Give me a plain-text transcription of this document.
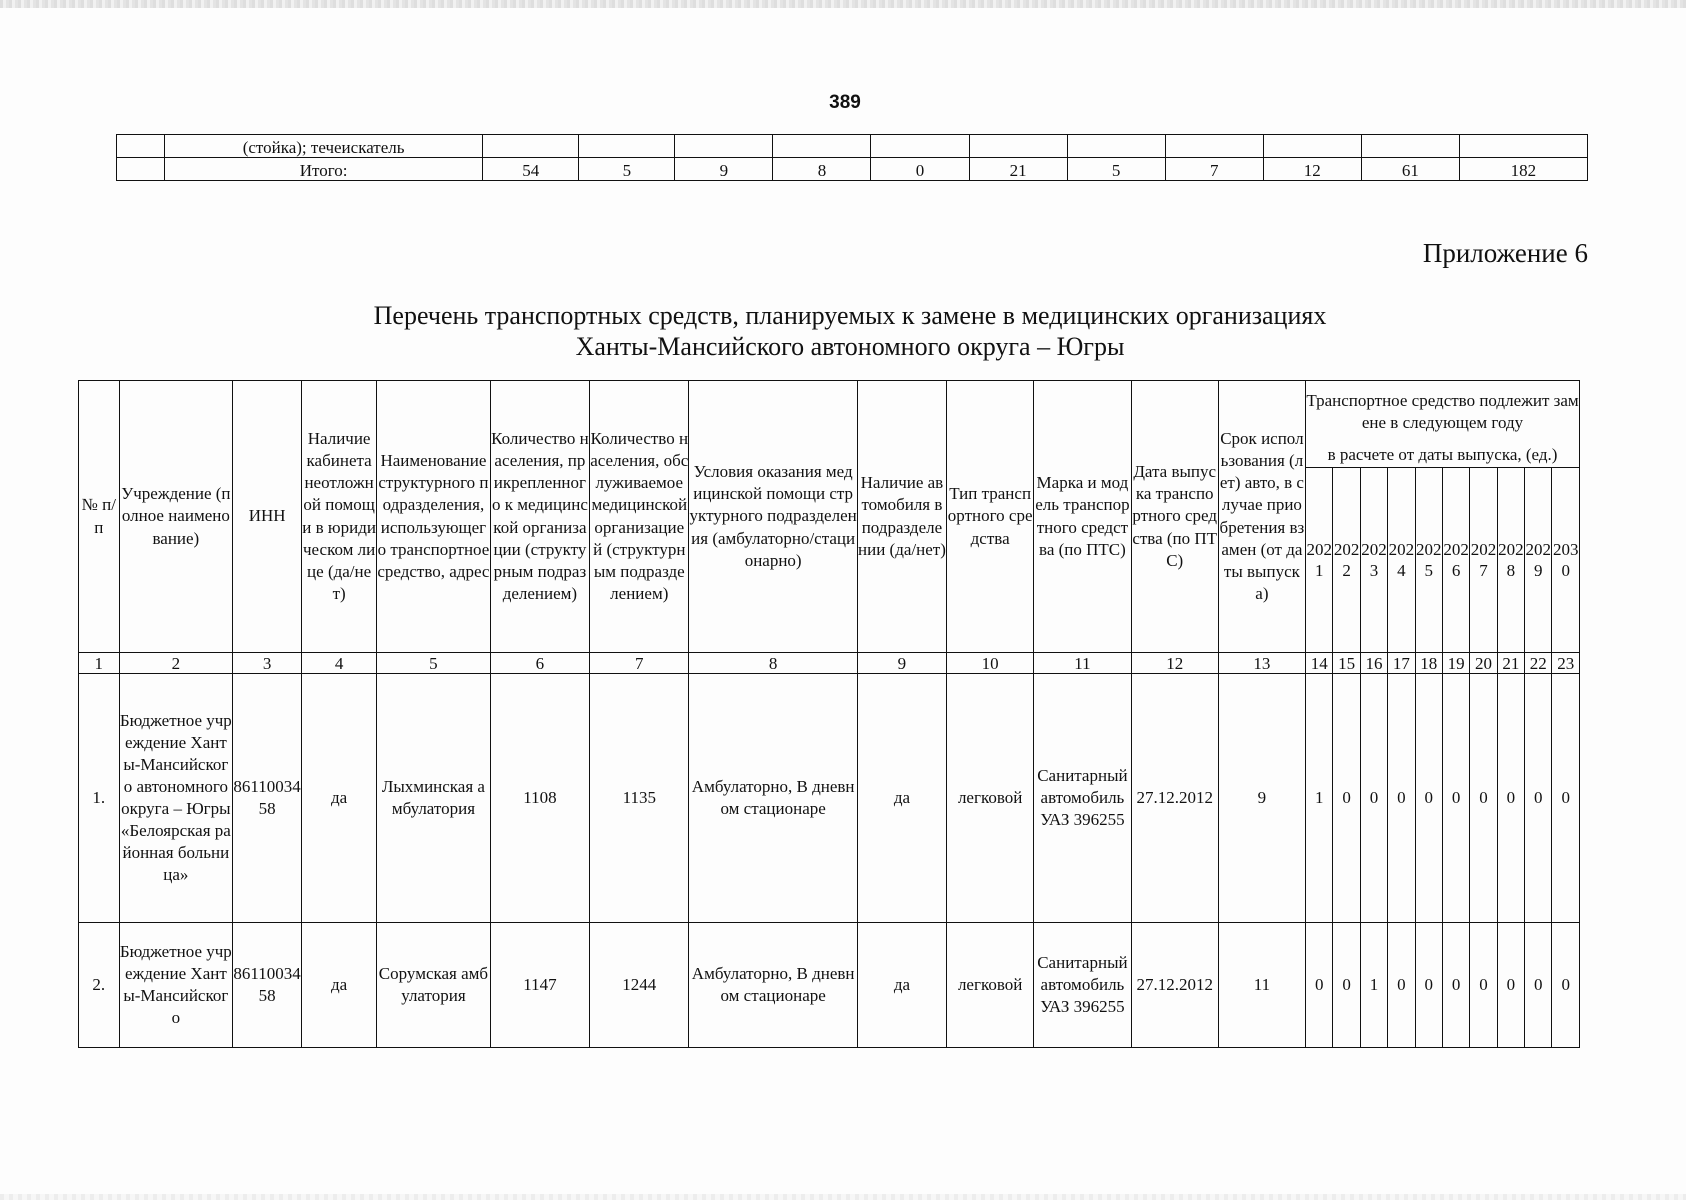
389
	(стойка); течеискатель											
	Итого:	54	5	9	8	0	21	5	7	12	61	182
Приложение 6
Перечень транспортных средств, планируемых к замене в медицинских организациях
Ханты-Мансийского автономного округа – Югры
№ п/п	Учреждение (полное наименование)	ИНН	Наличие кабинета неотложной помощи в юридическом лице (да/нет)	Наименование структурного подразделения, использующего транспортное средство, адрес	Количество населения, прикрепленного к медицинской организации (структурным подразделением)	Количество населения, обслуживаемое медицинской организацией (структурным подразделением)	Условия оказания медицинской помощи структурного подразделения (амбулаторно/стационарно)	Наличие автомобиля в подразделении (да/нет)	Тип транспортного средства	Марка и модель транспортного средства (по ПТС)	Дата выпуска транспортного средства (по ПТС)	Срок использования (лет) авто, в случае приобретения взамен (от даты выпуска)	Транспортное средство подлежит замене в следующем году									
													в расчете от даты выпуска, (ед.)									
													2021	2022	2023	2024	2025	2026	2027	2028	2029	2030
1	2	3	4	5	6	7	8	9	10	11	12	13	14	15	16	17	18	19	20	21	22	23
1.	Бюджетное учреждение Ханты-Мансийского автономного округа – Югры «Белоярская районная больница»	8611003458	да	Лыхминская амбулатория	1108	1135	Амбулаторно, В дневном стационаре	да	легковой	Санитарный автомобиль УАЗ 396255	27.12.2012	9	1	0	0	0	0	0	0	0	0	0
2.	Бюджетное учреждение Ханты-Мансийского	8611003458	да	Сорумская амбулатория	1147	1244	Амбулаторно, В дневном стационаре	да	легковой	Санитарный автомобиль УАЗ 396255	27.12.2012	11	0	0	1	0	0	0	0	0	0	0
